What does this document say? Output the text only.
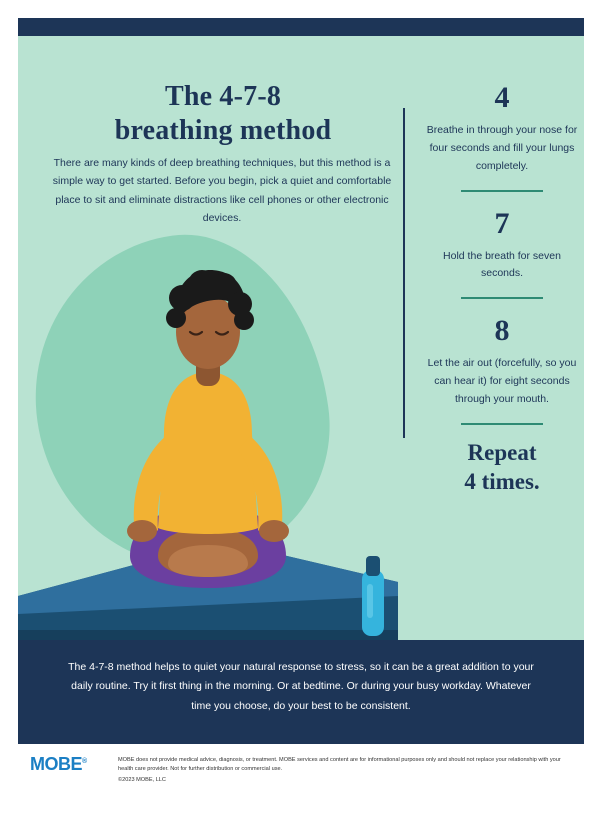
The 4-7-8
breathing method
There are many kinds of deep breathing techniques, but this method is a simple way to get started. Before you begin, pick a quiet and comfortable place to sit and eliminate distractions like cell phones or other electronic devices.
4
Breathe in through your nose for four seconds and fill your lungs completely.
7
Hold the breath for seven seconds.
8
Let the air out (forcefully, so you can hear it) for eight seconds through your mouth.
Repeat
4 times.
The 4-7-8 method helps to quiet your natural response to stress, so it can be a great addition to your daily routine. Try it first thing in the morning. Or at bedtime. Or during your busy workday. Whatever time you choose, do your best to be consistent.
MOBE®	MOBE does not provide medical advice, diagnosis, or treatment. MOBE services and content are for informational purposes only and should not replace your relationship with your health care provider. Not for further distribution or commercial use.
©2023 MOBE, LLC
